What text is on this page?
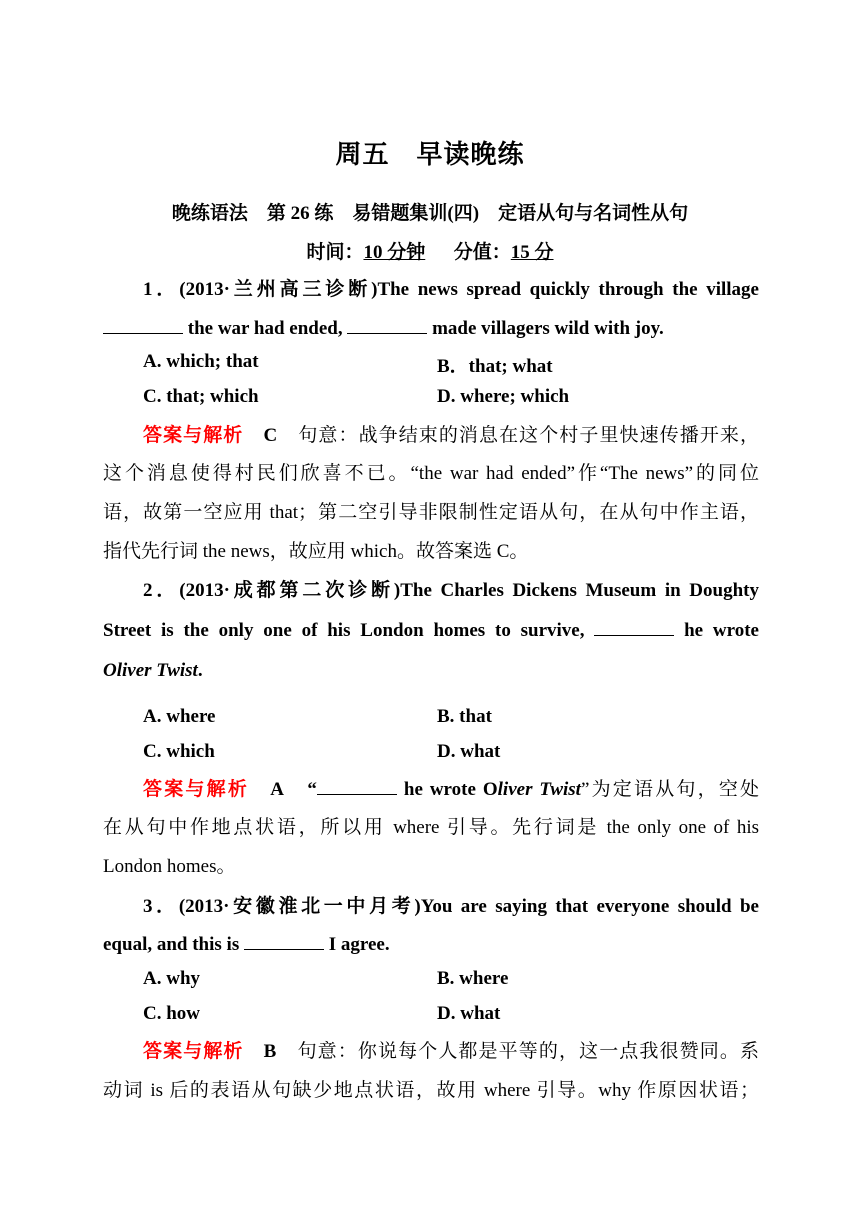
周五　早读晚练
晚练语法　第 26 练　易错题集训(四)　定语从句与名词性从句
时间：10 分钟 分值：15 分
1．(2013·兰州高三诊断)The news spread quickly through the village
the war had ended,	made villagers wild with joy.
A. which; that	B．that; what
C. that; which	D. where; which
答案与解析　 C　 句意：战争结束的消息在这个村子里快速传播开来，
这个消息使得村民们欣喜不已。“the war had ended”作“The news”的同位
语，故第一空应用 that；第二空引导非限制性定语从句，在从句中作主语，
指代先行词 the news，故应用 which。故答案选 C。
2．(2013·成都第二次诊断)The Charles Dickens Museum in Doughty
Street is the only one of his London homes to survive,	he wrote
Oliver Twist.
A. where	B. that
C. which	D. what
答案与解析　 A　 “	he wrote Oliver Twist”为定语从句，空处
在从句中作地点状语，所以用 where 引导。先行词是 the only one of his
London homes。
3．(2013·安徽淮北一中月考)You are saying that everyone should be
equal, and this is	I agree.
A. why	B. where
C. how	D. what
答案与解析　 B　 句意：你说每个人都是平等的，这一点我很赞同。系
动词 is 后的表语从句缺少地点状语，故用 where 引导。why 作原因状语；
